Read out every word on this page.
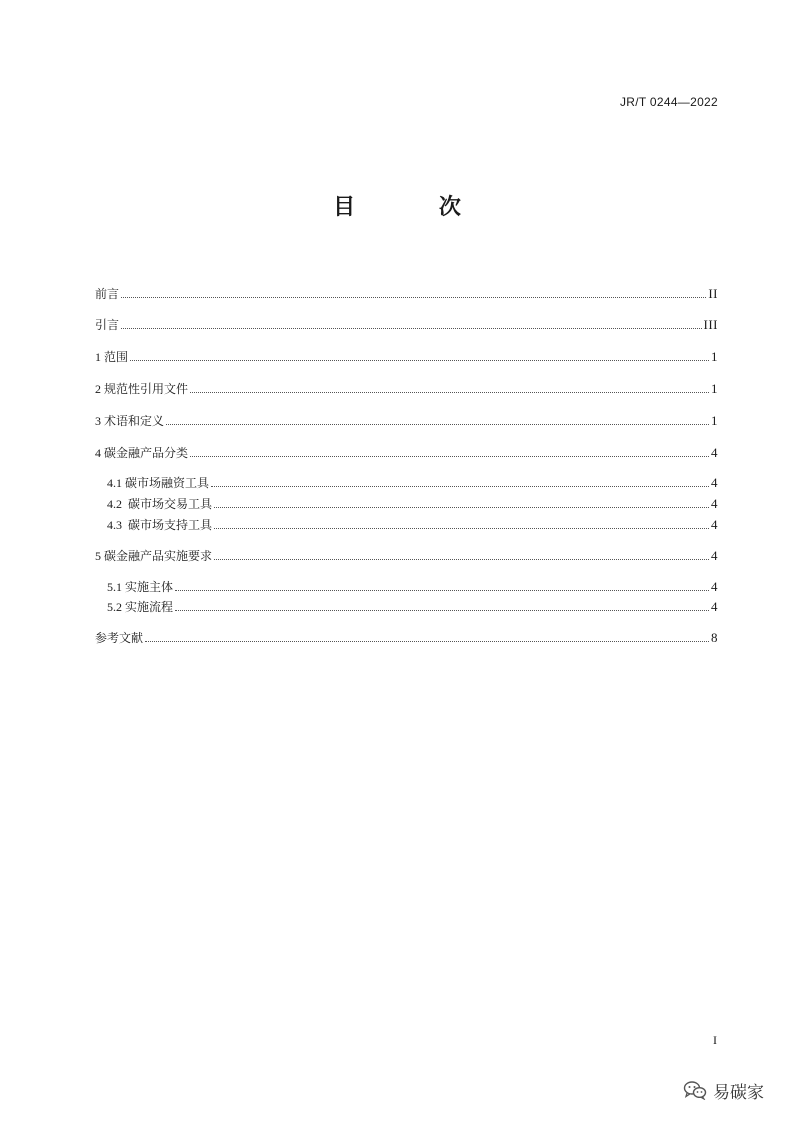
JR/T 0244—2022
目 次
前言	II
引言	III
1 范围	1
2 规范性引用文件	1
3 术语和定义	1
4 碳金融产品分类	4
4.1 碳市场融资工具	4
4.2 碳市场交易工具	4
4.3 碳市场支持工具	4
5 碳金融产品实施要求	4
5.1 实施主体	4
5.2 实施流程	4
参考文献	8
I
易碳家
